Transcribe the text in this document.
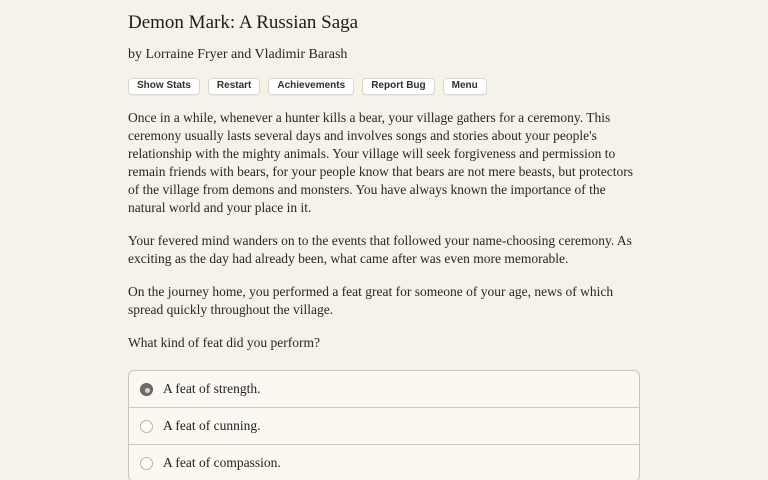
Demon Mark: A Russian Saga
by Lorraine Fryer and Vladimir Barash
Show Stats	Restart	Achievements	Report Bug	Menu

Once in a while, whenever a hunter kills a bear, your village gathers for a ceremony. This ceremony usually lasts several days and involves songs and stories about your people's relationship with the mighty animals. Your village will seek forgiveness and permission to remain friends with bears, for your people know that bears are not mere beasts, but protectors of the village from demons and monsters. You have always known the importance of the natural world and your place in it.

Your fevered mind wanders on to the events that followed your name-choosing ceremony. As exciting as the day had already been, what came after was even more memorable.

On the journey home, you performed a feat great for someone of your age, news of which spread quickly throughout the village.

What kind of feat did you perform?

A feat of strength.
A feat of cunning.
A feat of compassion.
